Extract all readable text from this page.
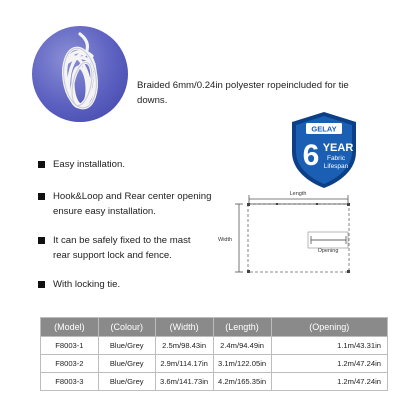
Braided 6mm/0.24in polyester ropeincluded for tie
downs.
GELAY
6 YEAR
Fabric
Lifespan
Easy installation.
Hook&Loop and Rear center opening
ensure easy installation.
It can be safely fixed to the mast
rear support lock and fence.
With locking tie.
Length
Width
Opening
(Model)	(Colour)	(Width)	(Length)	(Opening)
F8003-1	Blue/Grey	2.5m/98.43in	2.4m/94.49in	1.1m/43.31in
F8003-2	Blue/Grey	2.9m/114.17in	3.1m/122.05in	1.2m/47.24in
F8003-3	Blue/Grey	3.6m/141.73in	4.2m/165.35in	1.2m/47.24in
